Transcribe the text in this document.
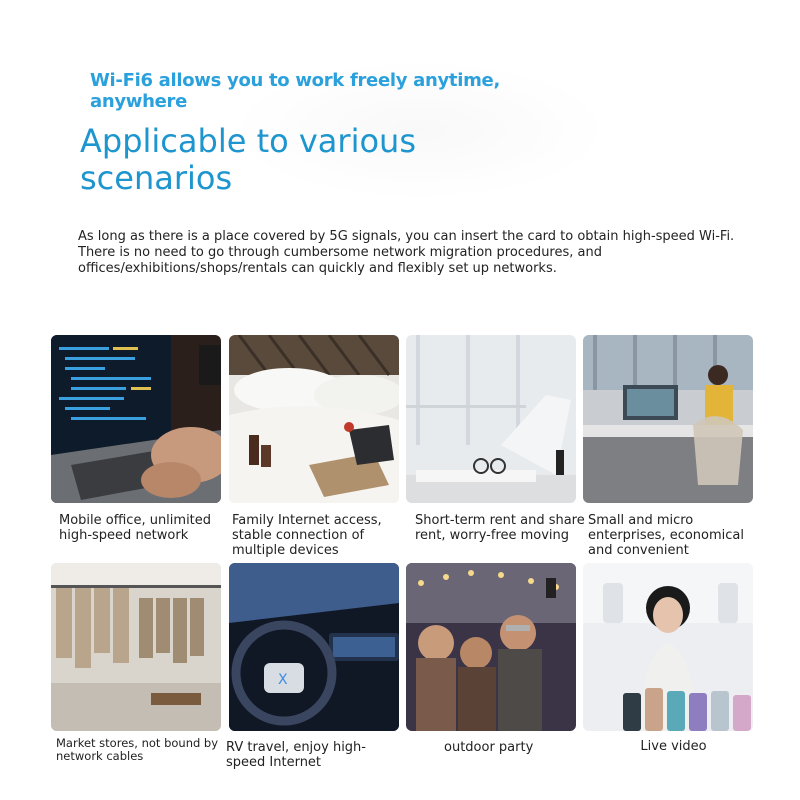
Wi-Fi6 allows you to work freely anytime, anywhere
Applicable to various scenarios
As long as there is a place covered by 5G signals, you can insert the card to obtain high-speed Wi-Fi. There is no need to go through cumbersome network migration procedures, and offices/exhibitions/shops/rentals can quickly and flexibly set up networks.
Mobile office, unlimited high-speed network
Family Internet access, stable connection of multiple devices
Short-term rent and share rent, worry-free moving
Small and micro enterprises, economical and convenient
Market stores, not bound by network cables
X
RV travel, enjoy high-speed Internet
outdoor party	Live video
